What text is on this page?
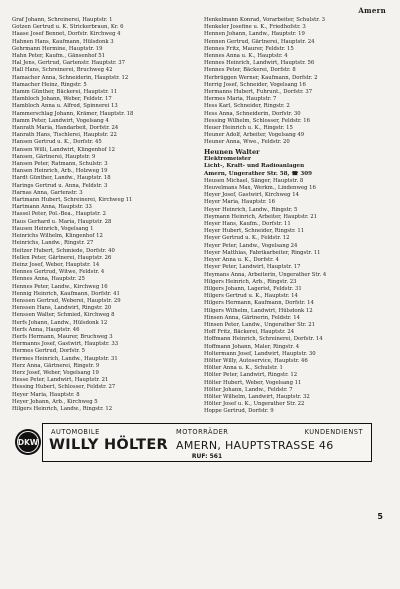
Amern
Graf Johann, Schreinerei, Hauptstr. 1
Gotzen Gertrud u. K. Strickerbraun, Kr. 6
Haase Josef Bennet, Dorfstr. Kirchweg 4
Hahnen Hans, Kaufmann, Hülsdonk 3
Gehrmann Hermine, Hauptstr. 19
Hahn Peter, Kaufm., Gänsenhof 51
Hal Jens, Gertrud, Gartenstr. Hauptstr. 37
Hall Hans, Schreinerei, Bruchweg 42
Hamacher Anna, Schneiderin, Hauptstr. 12
Hamacher Heinz, Ringstr. 5
Hamm Günther, Bäckerei, Hauptstr. 11
Hambloch Johann, Weber, Feldstr. 17
Hambloch Anna u. Alfred, Spinnerei 13
Hammerschlag Johann, Krämer, Hauptstr. 18
Hamm Peter, Landwirt, Vogelsang 4
Hanrath Maria, Handarbeit, Dorfstr. 24
Hanrath Hans, Tischlerei, Hauptstr. 22
Hansen Gertrud u. K., Dorfstr. 45
Hansen Willi, Landwirt, Klingenhof 12
Hansen, Gärtnerei, Hauptstr. 9
Hansen Peter, Ratmann, Schulstr. 3
Hansen Heinrich, Arb., Holzweg 19
Hardt Günther, Landw., Hauptstr. 18
Harings Gertrud u. Anna, Feldstr. 3
Harnas Anna, Gartenstr. 3
Hartmann Hubert, Schreinerei, Kirchweg 11
Hartmann Anna, Hauptstr. 33
Hassel Peter, Pol.-Bea., Hauptstr. 2
Haus Gerhard u. Maria, Hauptstr. 28
Hausen Heinrich, Vogelsang 1
Heinrichs Wilhelm, Klingenhof 12
Heinrichs, Landw., Ringstr. 27
Heitzer Hubert, Schmiede, Dorfstr. 40
Hellen Peter, Gärtnerei, Hauptstr. 26
Heinz Josef, Weber, Hauptstr. 14
Hennes Gertrud, Witwe, Feldstr. 4
Hennes Anna, Hauptstr. 25
Hennes Peter, Landw., Kirchweg 16
Hennig Heinrich, Kaufmann, Dorfstr. 41
Henssen Gertrud, Weberei, Hauptstr. 29
Henssen Hans, Landwirt, Ringstr. 20
Henssen Walter, Schmied, Kirchweg 8
Herfs Johann, Landw., Hülsdonk 12
Herfs Anna, Hauptstr. 46
Herfs Hermann, Maurer, Bruchweg 3
Hermanns Josef, Gastwirt, Hauptstr. 33
Hermes Gertrud, Dorfstr. 5
Hermes Heinrich, Landw., Hauptstr. 31
Herz Anna, Gärtnerei, Ringstr. 9
Herz Josef, Weber, Vogelsang 19
Hesse Peter, Landwirt, Hauptstr. 21
Hessing Hubert, Schlosser, Feldstr. 27
Heyer Maria, Hauptstr. 8
Heyer Johann, Arb., Kirchweg 5
Hilgers Heinrich, Landw., Ringstr. 12
Henkelmann Konrad, Vorarbeiter, Schulstr. 3
Henkeler Josefine u. K., Friedhofstr. 3
Hennen Johann, Landw., Hauptstr. 19
Hennen Gertrud, Gärtnerei, Hauptstr. 24
Hennes Fritz, Maurer, Feldstr. 15
Hennes Anna u. K., Hauptstr. 4
Hennes Heinrich, Landwirt, Hauptstr. 56
Hennes Peter, Bäckerei, Dorfstr. 8
Herbrüggen Werner, Kaufmann, Dorfstr. 2
Herrig Josef, Schneider, Vogelsang 16
Hermanns Hubert, Fuhrunt., Dorfstr. 37
Hermes Maria, Hauptstr. 7
Hess Karl, Schneider, Ringstr. 2
Hess Anna, Schneiderin, Dorfstr. 30
Hessing Wilhelm, Schlosser, Feldstr. 16
Heuer Heinrich u. K., Ringstr. 15
Heuner Adolf, Arbeiter, Vogelsang 49
Heuner Anna, Wwe., Feldstr. 20
Heunen Walter
Elektromeister
Licht-, Kraft- und Radioanlagen
Amern, Ungerather Str. 58, ☎ 309
Heusen Michael, Sänger, Hauptstr. 8
Heuvelmans Max, Werkm., Lindenweg 16
Heyer Josef, Gastwirt, Kirchweg 14
Heyer Maria, Hauptstr. 16
Heyer Heinrich, Landw., Ringstr. 5
Heymann Heinrich, Arbeiter, Hauptstr. 21
Heyer Hans, Kaufm., Dorfstr. 11
Heyer Hubert, Schneider, Ringstr. 11
Heyer Gertrud u. K., Feldstr. 12
Heyer Peter, Landw., Vogelsang 24
Heyer Matthias, Fabrikarbeiter, Ringstr. 11
Heyer Anna u. K., Dorfstr. 4
Heyer Peter, Landwirt, Hauptstr. 17
Heymans Anna, Arbeiterin, Ungerather Str. 4
Hilgers Heinrich, Arb., Ringstr. 23
Hilgers Johann, Lagerist, Feldstr. 31
Hilgers Gertrud u. K., Hauptstr. 14
Hilgers Hermann, Kaufmann, Dorfstr. 14
Hilgers Wilhelm, Landwirt, Hülsdonk 12
Hinsen Anna, Gärtnerin, Feldstr. 14
Hinsen Peter, Landw., Ungerather Str. 21
Hoff Fritz, Bäckerei, Hauptstr. 24
Hoffmann Heinrich, Schreinerei, Dorfstr. 14
Hoffmann Johann, Maler, Ringstr. 4
Holtermann Josef, Landwirt, Hauptstr. 30
Hölter Willy, Autoservice, Hauptstr. 46
Hölter Anna u. K., Schulstr. 1
Hölter Peter, Landwirt, Ringstr. 12
Hölter Hubert, Weber, Vogelsang 11
Hölter Johann, Landw., Feldstr. 7
Hölter Wilhelm, Landwirt, Hauptstr. 32
Hölter Josef u. K., Ungerather Str. 22
Hoppe Gertrud, Dorfstr. 9
DKW
AUTOMOBILE	MOTORRÄDER	KUNDENDIENST
WILLY HÖLTER AMERN, HAUPTSTRASSE 46
RUF: 561
5
